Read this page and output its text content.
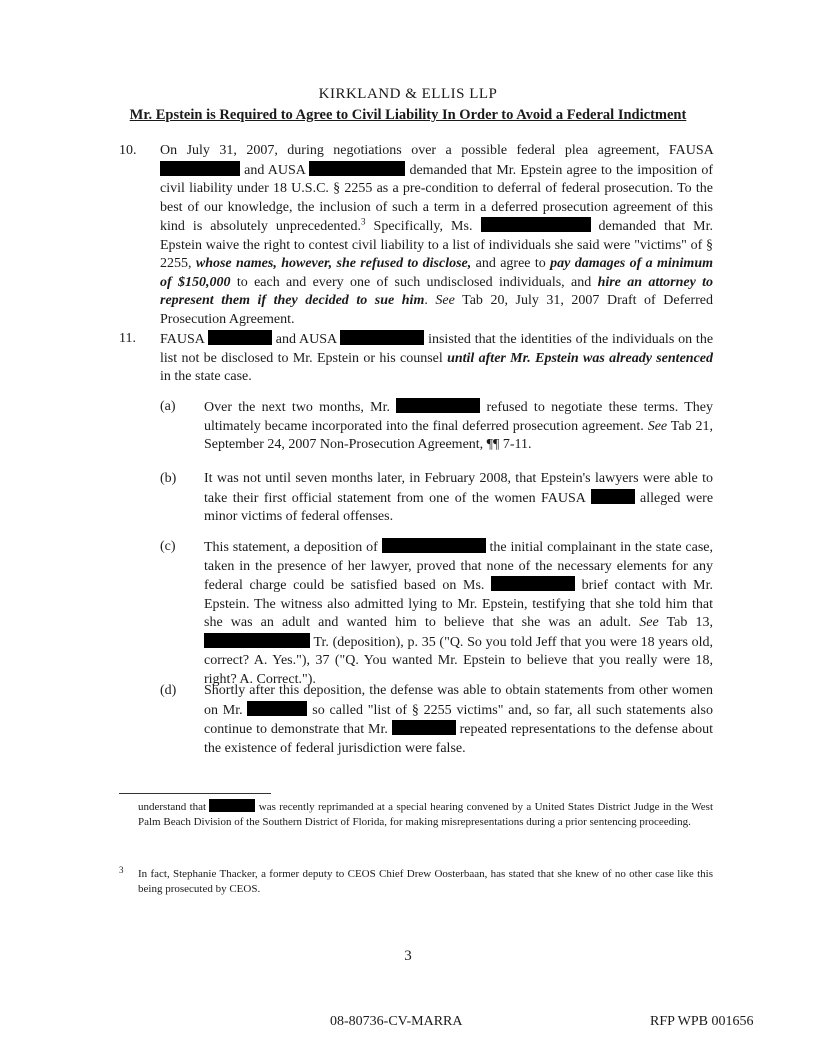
KIRKLAND & ELLIS LLP
Mr. Epstein is Required to Agree to Civil Liability In Order to Avoid a Federal Indictment
10. On July 31, 2007, during negotiations over a possible federal plea agreement, FAUSA  and AUSA	demanded that Mr. Epstein agree to the imposition of civil liability under 18 U.S.C. § 2255 as a pre-condition to deferral of federal prosecution. To the best of our knowledge, the inclusion of such a term in a deferred prosecution agreement of this kind is absolutely unprecedented.$^3$ Specifically, Ms.	demanded that Mr. Epstein waive the right to contest civil liability to a list of individuals she said were "victims" of § 2255, whose names, however, she refused to disclose, and agree to pay damages of a minimum of $150,000 to each and every one of such undisclosed individuals, and hire an attorney to represent them if they decided to sue him. See Tab 20, July 31, 2007 Draft of Deferred Prosecution Agreement.
11. FAUSA	and AUSA	insisted that the identities of the individuals on the list not be disclosed to Mr. Epstein or his counsel until after Mr. Epstein was already sentenced in the state case.
(a) Over the next two months, Mr.	refused to negotiate these terms. They ultimately became incorporated into the final deferred prosecution agreement. See Tab 21, September 24, 2007 Non-Prosecution Agreement, ¶¶ 7-11.
(b) It was not until seven months later, in February 2008, that Epstein's lawyers were able to take their first official statement from one of the women FAUSA	alleged were minor victims of federal offenses.
(c) This statement, a deposition of	the initial complainant in the state case, taken in the presence of her lawyer, proved that none of the necessary elements for any federal charge could be satisfied based on Ms.	brief contact with Mr. Epstein. The witness also admitted lying to Mr. Epstein, testifying that she told him that she was an adult and wanted him to believe that she was an adult. See Tab 13,  Tr. (deposition), p. 35 ("Q. So you told Jeff that you were 18 years old, correct? A. Yes."), 37 ("Q. You wanted Mr. Epstein to believe that you really were 18, right? A. Correct.").
(d) Shortly after this deposition, the defense was able to obtain statements from other women on Mr.	so called "list of § 2255 victims" and, so far, all such statements also continue to demonstrate that Mr.	repeated representations to the defense about the existence of federal jurisdiction were false.
understand that	was recently reprimanded at a special hearing convened by a United States District Judge in the West Palm Beach Division of the Southern District of Florida, for making misrepresentations during a prior sentencing proceeding.
3 In fact, Stephanie Thacker, a former deputy to CEOS Chief Drew Oosterbaan, has stated that she knew of no other case like this being prosecuted by CEOS.
3
08-80736-CV-MARRA	RFP WPB 001656
